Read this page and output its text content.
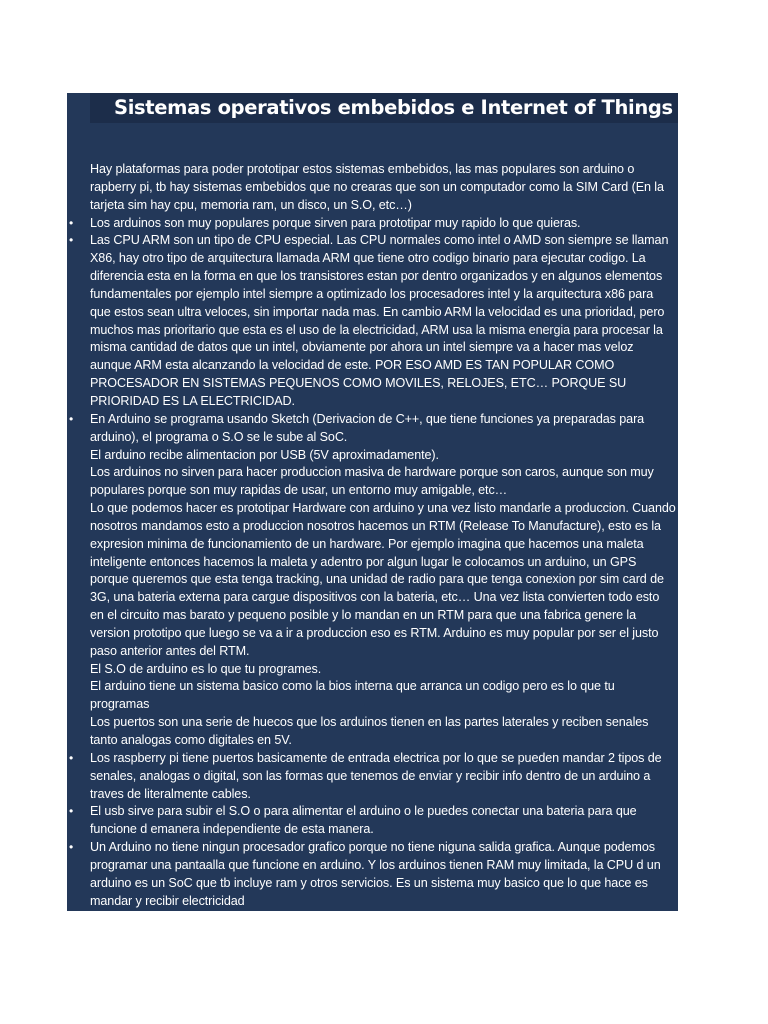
Sistemas operativos embebidos e Internet of Things

Hay plataformas para poder prototipar estos sistemas embebidos, las mas populares son arduino o rapberry pi, tb hay sistemas embebidos que no crearas que son un computador como la SIM Card (En la tarjeta sim hay cpu, memoria ram, un disco, un S.O, etc…)

• Los arduinos son muy populares porque sirven para prototipar muy rapido lo que quieras.
• Las CPU ARM son un tipo de CPU especial. Las CPU normales como intel o AMD son siempre se llaman X86, hay otro tipo de arquitectura llamada ARM que tiene otro codigo binario para ejecutar codigo. La diferencia esta en la forma en que los transistores estan por dentro organizados y en algunos elementos fundamentales por ejemplo intel siempre a optimizado los procesadores intel y la arquitectura x86 para que estos sean ultra veloces, sin importar nada mas. En cambio ARM la velocidad es una prioridad, pero muchos mas prioritario que esta es el uso de la electricidad, ARM usa la misma energia para procesar la misma cantidad de datos que un intel, obviamente por ahora un intel siempre va a hacer mas veloz aunque ARM esta alcanzando la velocidad de este. POR ESO AMD ES TAN POPULAR COMO PROCESADOR EN SISTEMAS PEQUENOS COMO MOVILES, RELOJES, ETC… PORQUE SU PRIORIDAD ES LA ELECTRICIDAD.
• En Arduino se programa usando Sketch (Derivacion de C++, que tiene funciones ya preparadas para arduino), el programa o S.O se le sube al SoC.

El arduino recibe alimentacion por USB (5V aproximadamente).

Los arduinos no sirven para hacer produccion masiva de hardware porque son caros, aunque son muy populares porque son muy rapidas de usar, un entorno muy amigable, etc…

Lo que podemos hacer es prototipar Hardware con arduino y una vez listo mandarle a produccion. Cuando nosotros mandamos esto a produccion nosotros hacemos un RTM (Release To Manufacture), esto es la expresion minima de funcionamiento de un hardware. Por ejemplo imagina que hacemos una maleta inteligente entonces hacemos la maleta y adentro por algun lugar le colocamos un arduino, un GPS porque queremos que esta tenga tracking, una unidad de radio para que tenga conexion por sim card de 3G, una bateria externa para cargue dispositivos con la bateria, etc… Una vez lista convierten todo esto en el circuito mas barato y pequeno posible y lo mandan en un RTM para que una fabrica genere la version prototipo que luego se va a ir a produccion eso es RTM. Arduino es muy popular por ser el justo paso anterior antes del RTM.

El S.O de arduino es lo que tu programes.

El arduino tiene un sistema basico como la bios interna que arranca un codigo pero es lo que tu programas

Los puertos son una serie de huecos que los arduinos tienen en las partes laterales y reciben senales tanto analogas como digitales en 5V.

• Los raspberry pi tiene puertos basicamente de entrada electrica por lo que se pueden mandar 2 tipos de senales, analogas o digital, son las formas que tenemos de enviar y recibir info dentro de un arduino a traves de literalmente cables.
• El usb sirve para subir el S.O o para alimentar el arduino o le puedes conectar una bateria para que funcione d emanera independiente de esta manera.
• Un Arduino no tiene ningun procesador grafico porque no tiene niguna salida grafica. Aunque podemos programar una pantaalla que funcione en arduino. Y los arduinos tienen RAM muy limitada, la CPU d un arduino es un SoC que tb incluye ram y otros servicios. Es un sistema muy basico que lo que hace es mandar y recibir electricidad
